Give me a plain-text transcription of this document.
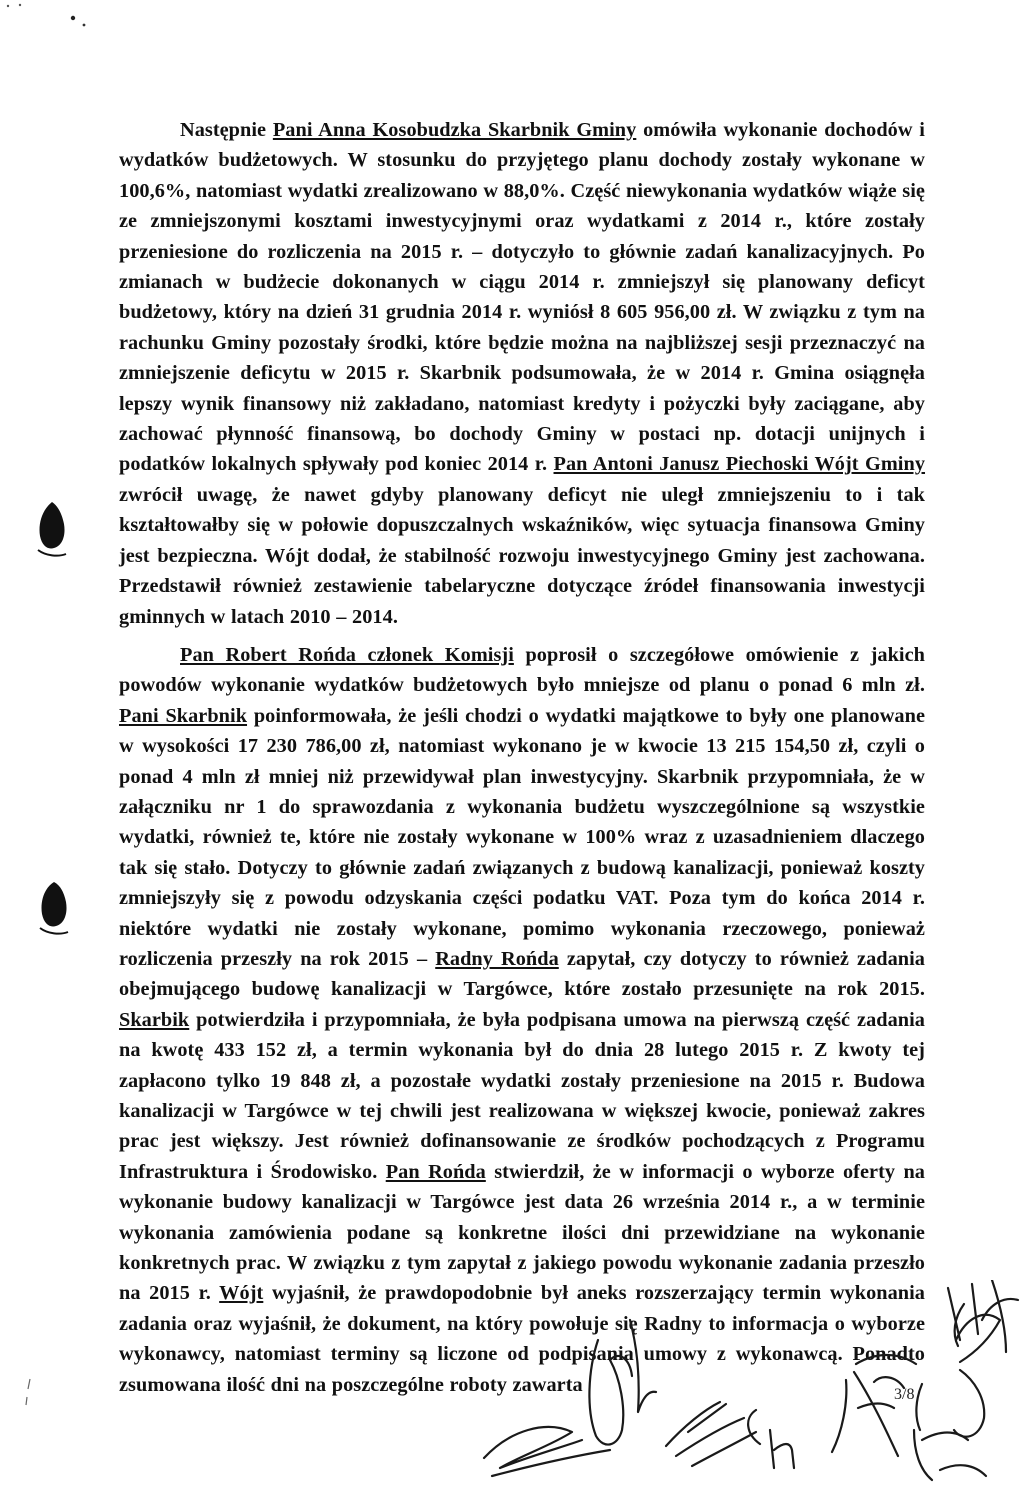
Następnie Pani Anna Kosobudzka Skarbnik Gminy omówiła wykonanie dochodów i wydatków budżetowych. W stosunku do przyjętego planu dochody zostały wykonane w 100,6%, natomiast wydatki zrealizowano w 88,0%. Część niewykonania wydatków wiąże się ze zmniejszonymi kosztami inwestycyjnymi oraz wydatkami z 2014 r., które zostały przeniesione do rozliczenia na 2015 r. – dotyczyło to głównie zadań kanalizacyjnych. Po zmianach w budżecie dokonanych w ciągu 2014 r. zmniejszył się planowany deficyt budżetowy, który na dzień 31 grudnia 2014 r. wyniósł 8 605 956,00 zł. W związku z tym na rachunku Gminy pozostały środki, które będzie można na najbliższej sesji przeznaczyć na zmniejszenie deficytu w 2015 r. Skarbnik podsumowała, że w 2014 r. Gmina osiągnęła lepszy wynik finansowy niż zakładano, natomiast kredyty i pożyczki były zaciągane, aby zachować płynność finansową, bo dochody Gminy w postaci np. dotacji unijnych i podatków lokalnych spływały pod koniec 2014 r. Pan Antoni Janusz Piechoski Wójt Gminy zwrócił uwagę, że nawet gdyby planowany deficyt nie uległ zmniejszeniu to i tak kształtowałby się w połowie dopuszczalnych wskaźników, więc sytuacja finansowa Gminy jest bezpieczna. Wójt dodał, że stabilność rozwoju inwestycyjnego Gminy jest zachowana. Przedstawił również zestawienie tabelaryczne dotyczące źródeł finansowania inwestycji gminnych w latach 2010 – 2014.

Pan Robert Rońda członek Komisji poprosił o szczegółowe omówienie z jakich powodów wykonanie wydatków budżetowych było mniejsze od planu o ponad 6 mln zł. Pani Skarbnik poinformowała, że jeśli chodzi o wydatki majątkowe to były one planowane w wysokości 17 230 786,00 zł, natomiast wykonano je w kwocie 13 215 154,50 zł, czyli o ponad 4 mln zł mniej niż przewidywał plan inwestycyjny. Skarbnik przypomniała, że w załączniku nr 1 do sprawozdania z wykonania budżetu wyszczególnione są wszystkie wydatki, również te, które nie zostały wykonane w 100% wraz z uzasadnieniem dlaczego tak się stało. Dotyczy to głównie zadań związanych z budową kanalizacji, ponieważ koszty zmniejszyły się z powodu odzyskania części podatku VAT. Poza tym do końca 2014 r. niektóre wydatki nie zostały wykonane, pomimo wykonania rzeczowego, ponieważ rozliczenia przeszły na rok 2015 – Radny Rońda zapytał, czy dotyczy to również zadania obejmującego budowę kanalizacji w Targówce, które zostało przesunięte na rok 2015. Skarbik potwierdziła i przypomniała, że była podpisana umowa na pierwszą część zadania na kwotę 433 152 zł, a termin wykonania był do dnia 28 lutego 2015 r. Z kwoty tej zapłacono tylko 19 848 zł, a pozostałe wydatki zostały przeniesione na 2015 r. Budowa kanalizacji w Targówce w tej chwili jest realizowana w większej kwocie, ponieważ zakres prac jest większy. Jest również dofinansowanie ze środków pochodzących z Programu Infrastruktura i Środowisko. Pan Rońda stwierdził, że w informacji o wyborze oferty na wykonanie budowy kanalizacji w Targówce jest data 26 września 2014 r., a w terminie wykonania zamówienia podane są konkretne ilości dni przewidziane na wykonanie konkretnych prac. W związku z tym zapytał z jakiego powodu wykonanie zadania przeszło na 2015 r. Wójt wyjaśnił, że prawdopodobnie był aneks rozszerzający termin wykonania zadania oraz wyjaśnił, że dokument, na który powołuje się Radny to informacja o wyborze wykonawcy, natomiast terminy są liczone od podpisania umowy z wykonawcą. Ponadto zsumowana ilość dni na poszczególne roboty zawarta	3/8
